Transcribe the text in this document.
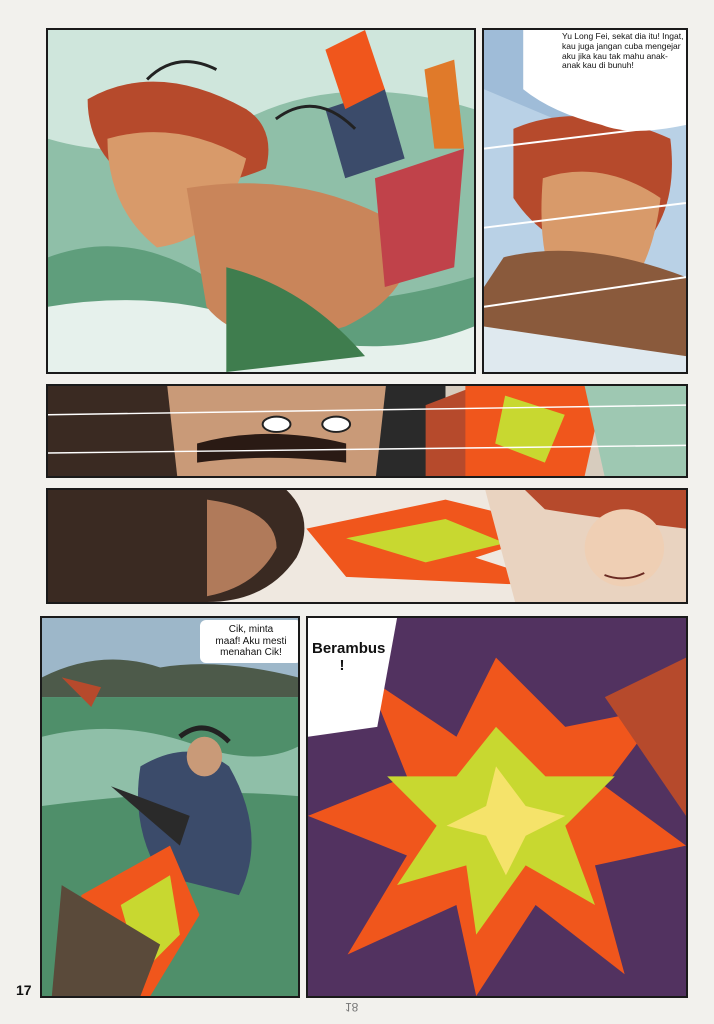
Yu Long Fei, sekat dia itu! Ingat, kau juga jangan cuba mengejar aku jika kau tak mahu anak-anak kau di bunuh!
Cik, minta
maaf! Aku mesti
menahan Cik!	Berambus
!
17
18
